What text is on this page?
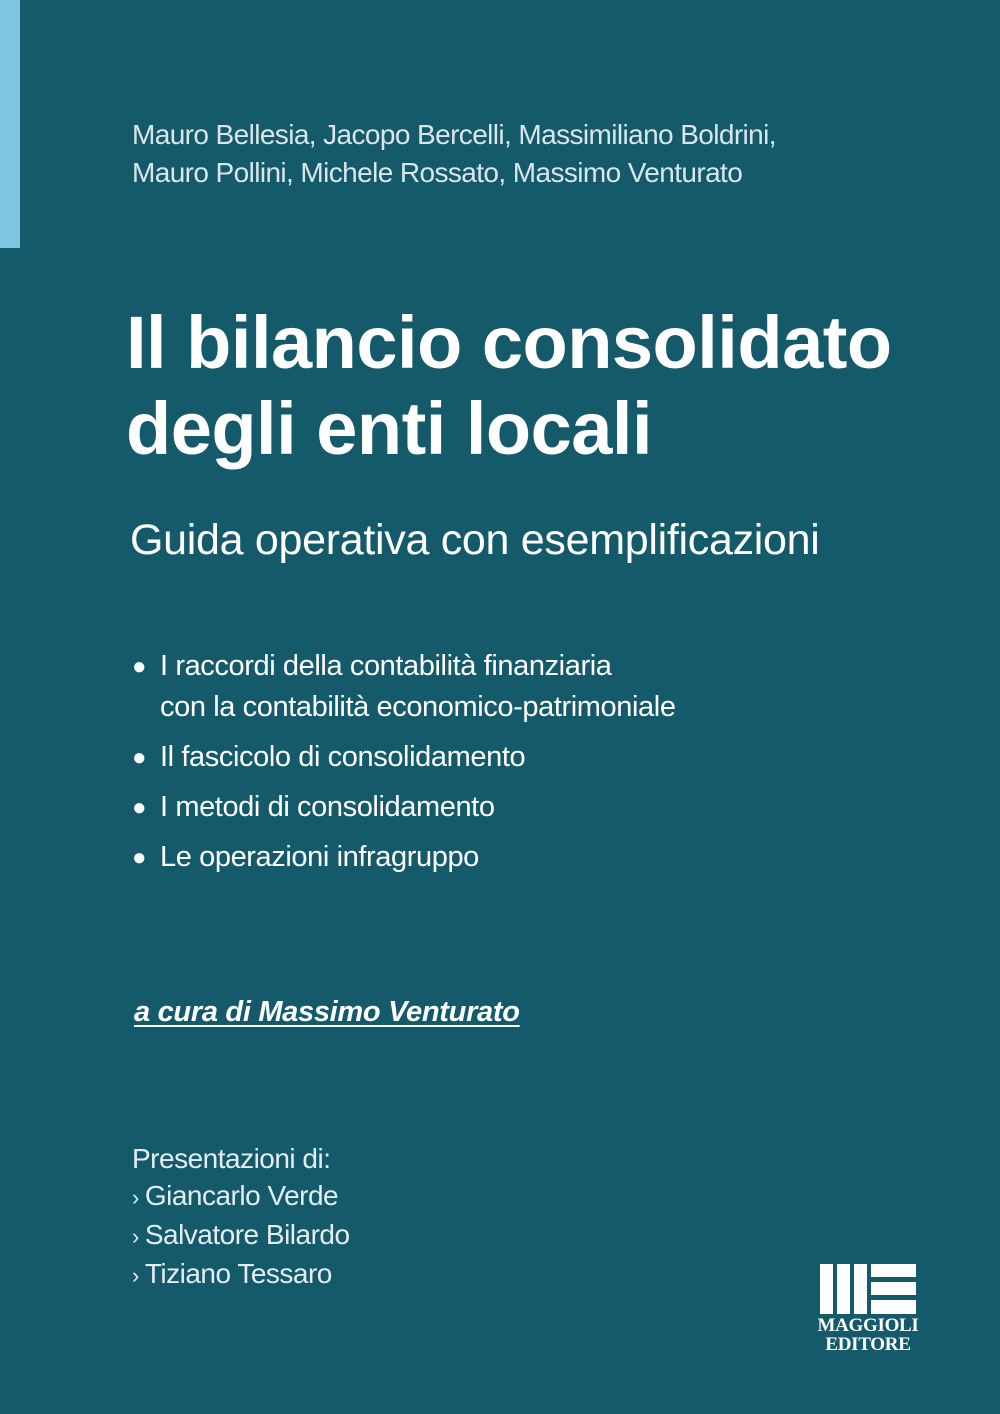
Mauro Bellesia, Jacopo Bercelli, Massimiliano Boldrini,
Mauro Pollini, Michele Rossato, Massimo Venturato
Il bilancio consolidato
degli enti locali
Guida operativa con esemplificazioni
● I raccordi della contabilità finanziaria
con la contabilità economico-patrimoniale
● Il fascicolo di consolidamento
● I metodi di consolidamento
● Le operazioni infragruppo
a cura di Massimo Venturato
Presentazioni di:
› Giancarlo Verde
› Salvatore Bilardo
› Tiziano Tessaro
MAGGIOLI
EDITORE
